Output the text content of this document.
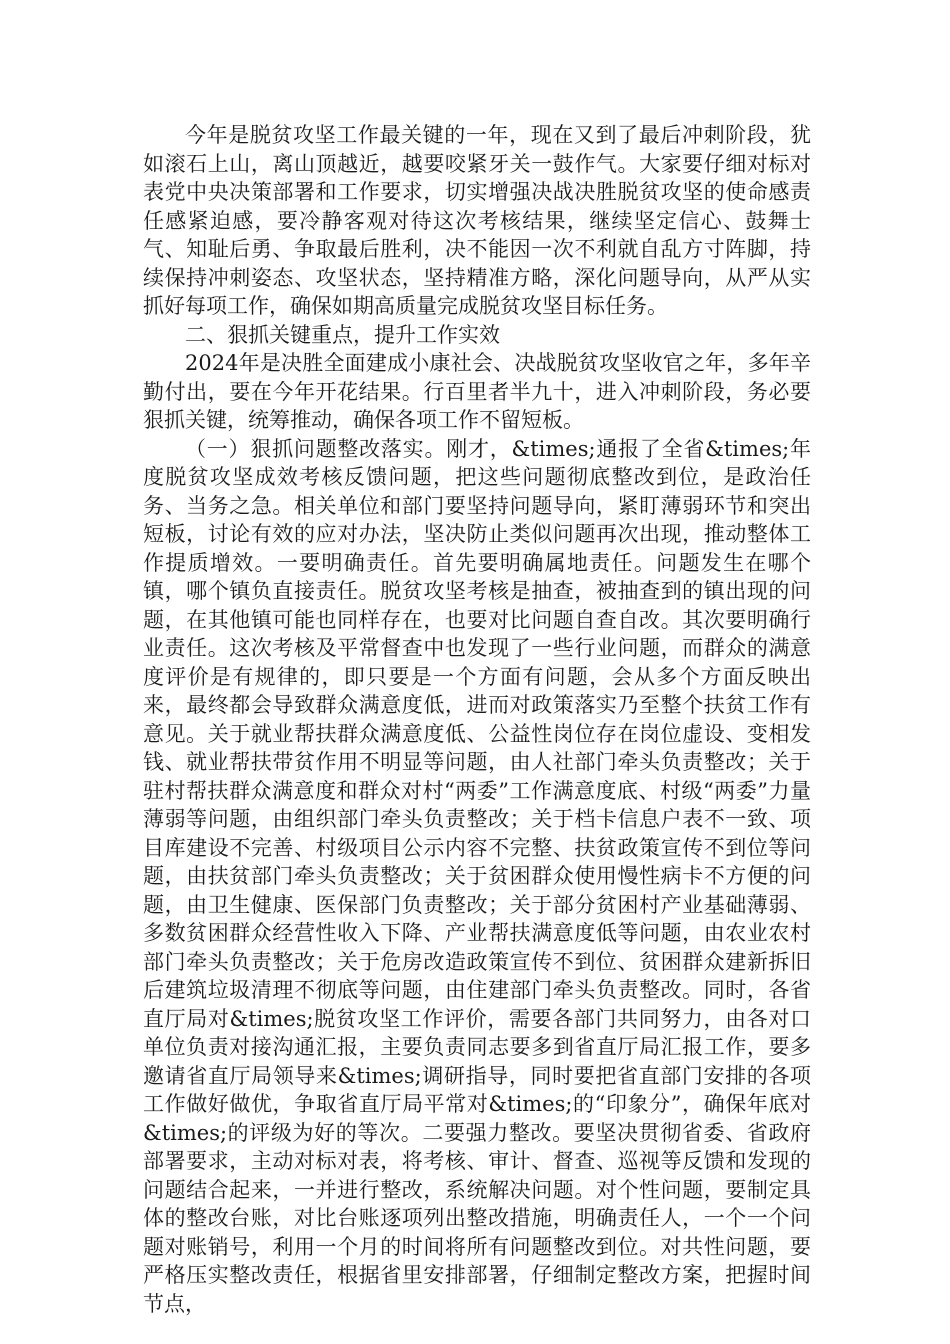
今年是脱贫攻坚工作最关键的一年，现在又到了最后冲刺阶段，犹如滚石上山，离山顶越近，越要咬紧牙关一鼓作气。大家要仔细对标对表党中央决策部署和工作要求，切实增强决战决胜脱贫攻坚的使命感责任感紧迫感，要冷静客观对待这次考核结果，继续坚定信心、鼓舞士气、知耻后勇、争取最后胜利，决不能因一次不利就自乱方寸阵脚，持续保持冲刺姿态、攻坚状态，坚持精准方略，深化问题导向，从严从实抓好每项工作，确保如期高质量完成脱贫攻坚目标任务。

二、狠抓关键重点，提升工作实效

2024年是决胜全面建成小康社会、决战脱贫攻坚收官之年，多年辛勤付出，要在今年开花结果。行百里者半九十，进入冲刺阶段，务必要狠抓关键，统筹推动，确保各项工作不留短板。

（一）狠抓问题整改落实。刚才，&times;通报了全省&times;年度脱贫攻坚成效考核反馈问题，把这些问题彻底整改到位，是政治任务、当务之急。相关单位和部门要坚持问题导向，紧盯薄弱环节和突出短板，讨论有效的应对办法，坚决防止类似问题再次出现，推动整体工作提质增效。一要明确责任。首先要明确属地责任。问题发生在哪个镇，哪个镇负直接责任。脱贫攻坚考核是抽查，被抽查到的镇出现的问题，在其他镇可能也同样存在，也要对比问题自查自改。其次要明确行业责任。这次考核及平常督查中也发现了一些行业问题，而群众的满意度评价是有规律的，即只要是一个方面有问题，会从多个方面反映出来，最终都会导致群众满意度低，进而对政策落实乃至整个扶贫工作有意见。关于就业帮扶群众满意度低、公益性岗位存在岗位虚设、变相发钱、就业帮扶带贫作用不明显等问题，由人社部门牵头负责整改；关于驻村帮扶群众满意度和群众对村“两委”工作满意度底、村级“两委”力量薄弱等问题，由组织部门牵头负责整改；关于档卡信息户表不一致、项目库建设不完善、村级项目公示内容不完整、扶贫政策宣传不到位等问题，由扶贫部门牵头负责整改；关于贫困群众使用慢性病卡不方便的问题，由卫生健康、医保部门负责整改；关于部分贫困村产业基础薄弱、多数贫困群众经营性收入下降、产业帮扶满意度低等问题，由农业农村部门牵头负责整改；关于危房改造政策宣传不到位、贫困群众建新拆旧后建筑垃圾清理不彻底等问题，由住建部门牵头负责整改。同时，各省直厅局对&times;脱贫攻坚工作评价，需要各部门共同努力，由各对口单位负责对接沟通汇报，主要负责同志要多到省直厅局汇报工作，要多邀请省直厅局领导来&times;调研指导，同时要把省直部门安排的各项工作做好做优，争取省直厅局平常对&times;的“印象分”，确保年底对&times;的评级为好的等次。二要强力整改。要坚决贯彻省委、省政府部署要求，主动对标对表，将考核、审计、督查、巡视等反馈和发现的问题结合起来，一并进行整改，系统解决问题。对个性问题，要制定具体的整改台账，对比台账逐项列出整改措施，明确责任人，一个一个问题对账销号，利用一个月的时间将所有问题整改到位。对共性问题，要严格压实整改责任，根据省里安排部署，仔细制定整改方案，把握时间节点，
